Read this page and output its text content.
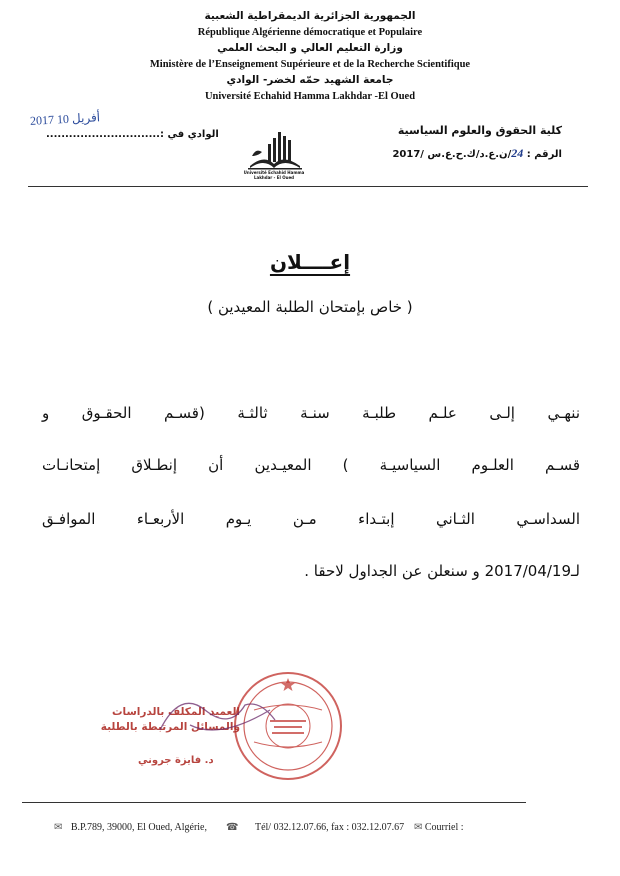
الجمهورية الجزائرية الديمقراطية الشعبية
République Algérienne démocratique et Populaire
وزارة التعليم العالي و البحث العلمي
Ministère de l’Enseignement Supérieure et de la Recherche Scientifique
جامعة الشهيد حمّه لخضر- الوادي
Université Echahid Hamma Lakhdar -El Oued
2017 أفريل 10
الوادي في :..............................	كلية الحقوق والعلوم السياسية
الرقم : 24/ن.ع.د/ك.ح.ع.س /2017
Université Echahid Hamma Lakhdar - El Oued
إعــــلان
( خاص بإمتحان الطلبة المعيدين )
ننهـي إلـى علـم طلبـة سنـة ثالثـة (قسـم الحقـوق و
قسـم العلـوم السياسيـة ) المعيـدين أن إنطـلاق إمتحانـات
السداسـي الثـاني إبتـداء مـن يـوم الأربعـاء الموافـق
لـ2017/04/19 و سنعلن عن الجداول لاحقا .
العميد المكلف بالدراسات
والمسائل المرتبطة بالطلبة
د. فايزة جروني
✉ B.P.789, 39000, El Oued, Algérie, ☎ Tél/ 032.12.07.66, fax : 032.12.07.67 ✉ Courriel :
